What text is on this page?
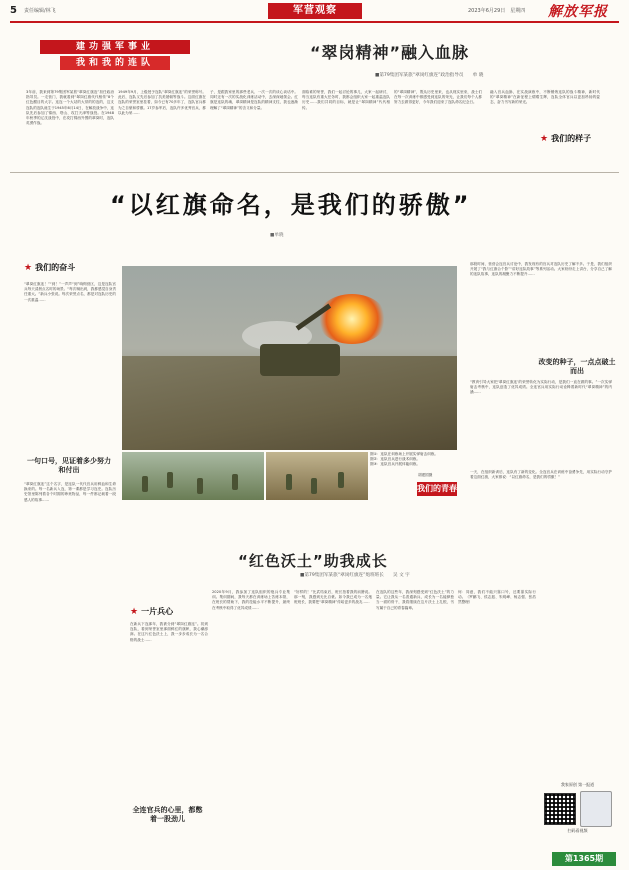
5 责任编辑/林飞	军营观察	2023年6月29日　星期四 解放军报
建功强军事业
我和我的连队
“翠岗精神”融入血脉
■第79集团军某旅“翠岗红旗连”政治指导员　　单 晓
3年前，我来到第79集团军某旅“翠岗红旗连”担任政治指导员。一走营门，我就看到“翠岗红旗代代相传”8个红色醒目的大字。连连一个大站的大常的的连的，这支连队的连队诞生于1945年6月14日，在解放战争中，连队先后参加了锦西、塔山、攻打天津等战役。在1948年秋季的辽沈战役中，在攻打锦西外围的翠岗时，连队英勇作战。
1949年9月，上级授予连队“翠岗红旗连”的荣誉称号。此后，连队又先后参加了抗美援朝等战斗。这面红旗在连队的荣誉室里挂着，如今已有70多年了，连队官兵都为之自豪和骄傲。17岁参军后，连队许多优秀官兵，都以此为荣……
子，是跟我家里的那些老兵、一次一次的谈心谈话中。同时还有一次的实战化训练活动中，去深深地领会。红旗是连队的魂，翠岗精神是连队的精神支柱，我也逐渐理解了“翠岗精神”的含义和分量。
面临谁的荣誉，我们一起讨论的事儿，大家一起研讨，每当连队有重大任务时，我都会组织大家一起重温连队历史……我们共同的目标，就是让“翠岗精神”代代相传。
的“翠岗精神”，既从历史里来，也从现实里来，战士们在每一次训练中都感受到连队的荣光，让我们每个人都努力去做得更好，今年我们迎来了连队命名纪念日。
融入官兵血脉，在实战演练中，不断锤炼连队的战斗精神，新时代的“翠岗精神”在新征程上熠熠生辉，连队全体官兵以更加昂扬的姿态，奋力书写新的荣光。
★ 我们的样子
“以红旗命名，是我们的骄傲”
■单晓
★ 我们的奋斗
“翠岗红旗连！”“到！”一声声“到”响彻营区，这是连队官兵每天清晨点名时的场景。“每次喊出到，我都感觉自身责任重大。”新兵小张说。每次荣誉点名，都是对连队历史的一次重温……
一句口号，见证着多少努力和付出
“翠岗红旗连”这个名字，是连队一代代官兵用鲜血和生命换来的。每一名新兵入连，第一课都是学习连史。连队历史馆里陈列着各个时期的珍贵物品，每一件都记载着一段感人的故事……
★ 一片兵心
图①：连队在训练场上开展实弹射击训练。
图②：连队官兵进行战术训练。
图③：连队官兵开展体能训练。
胡建国摄
我们的青春
那段时间，营营会连官兵讨论中，我发现有的官兵对连队历史了解不多。于是，我们组织开展了“我与红旗合个影”“讲好连队故事”等系列活动。大家纷纷走上讲台，分享自己了解的连队故事，连队的凝聚力不断提升……
改变的种子，一点点破土而出
“教育引导大家把‘翠岗红旗连’的荣誉转化为实际行动，是我们一直在做的事。”一次实弹射击考核中，连队创造了优异成绩。全连官兵用实际行动诠释着新时代“翠岗精神”的内涵……
一天，在组织新训后，连队有了新的变化。全连官兵在训练中奋勇争先，用实际行动守护着这面红旗，大家都说：“以红旗命名，是我们的骄傲！”
“红色沃土”助我成长
■第79集团军某旅“翠岗红旗连”炮班班长　　吴 文 宇
在新兵下连那年，我被分到“翠岗红旗连”。初到连队，看到荣誉室里那面鲜红的旗帜，我心潮澎湃。在这片红色沃土上，我一步步成长为一名合格的战士……
2020年9月，我参加了连队组织的炮兵专业集训。集训期间，我每天都在训练场上苦练本领，在班长的帮助下，我的技能水平不断提升，最终在考核中取得了优异成绩……
“好样的！”比武结束后，班长拍着我的肩膀说。那一刻，我感到无比自豪。如今我已成为一名炮班班长，我要把“翠岗精神”传给更多的战友……
在连队的这些年，我深刻感受到“红色沃土”的力量。它让我从一名普通新兵，成长为一名能够独当一面的骨干，我将继续在这片沃土上扎根，书写属于自己的青春篇章。
何：同意，我们不能只靠口号，还要靠实际行动。（罗鹏飞、侯志振、朱明峰、杨志强、张浩然整理）
全连官兵的心里，都憋着一股劲儿
我家原创 第一报道
扫码看视频
第1365期
